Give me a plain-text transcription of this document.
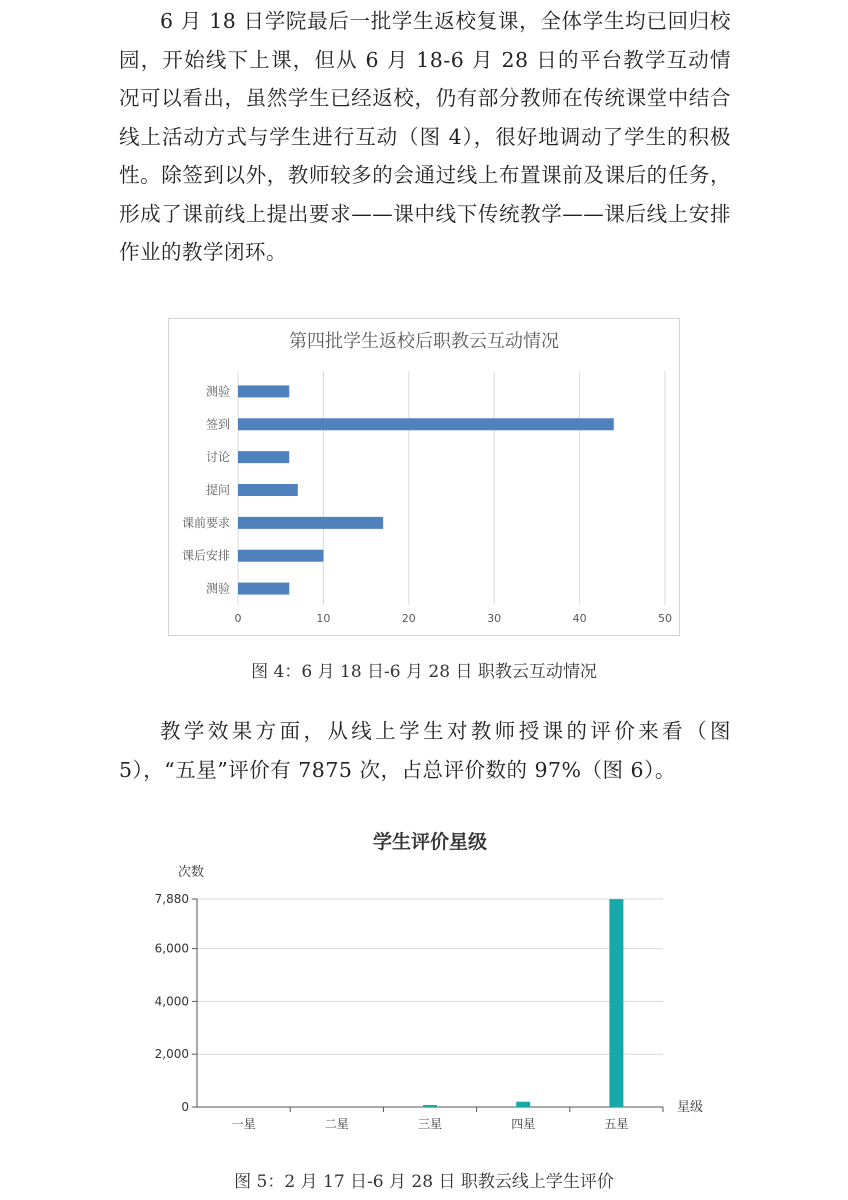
6 月 18 日学院最后一批学生返校复课，全体学生均已回归校园，开始线下上课，但从 6 月 18-6 月 28 日的平台教学互动情况可以看出，虽然学生已经返校，仍有部分教师在传统课堂中结合线上活动方式与学生进行互动（图 4），很好地调动了学生的积极性。除签到以外，教师较多的会通过线上布置课前及课后的任务，形成了课前线上提出要求——课中线下传统教学——课后线上安排作业的教学闭环。

第四批学生返校后职教云互动情况
0	10	20	30	40	50
测验
签到
讨论
提问
课前要求
课后安排
测验

图 4：6 月 18 日-6 月 28 日 职教云互动情况

教学效果方面，从线上学生对教师授课的评价来看（图 5），“五星”评价有 7875 次，占总评价数的 97%（图 6）。

学生评价星级
次数
星级
0
2,000
4,000
6,000
7,880
一星	二星	三星	四星	五星

图 5：2 月 17 日-6 月 28 日 职教云线上学生评价
